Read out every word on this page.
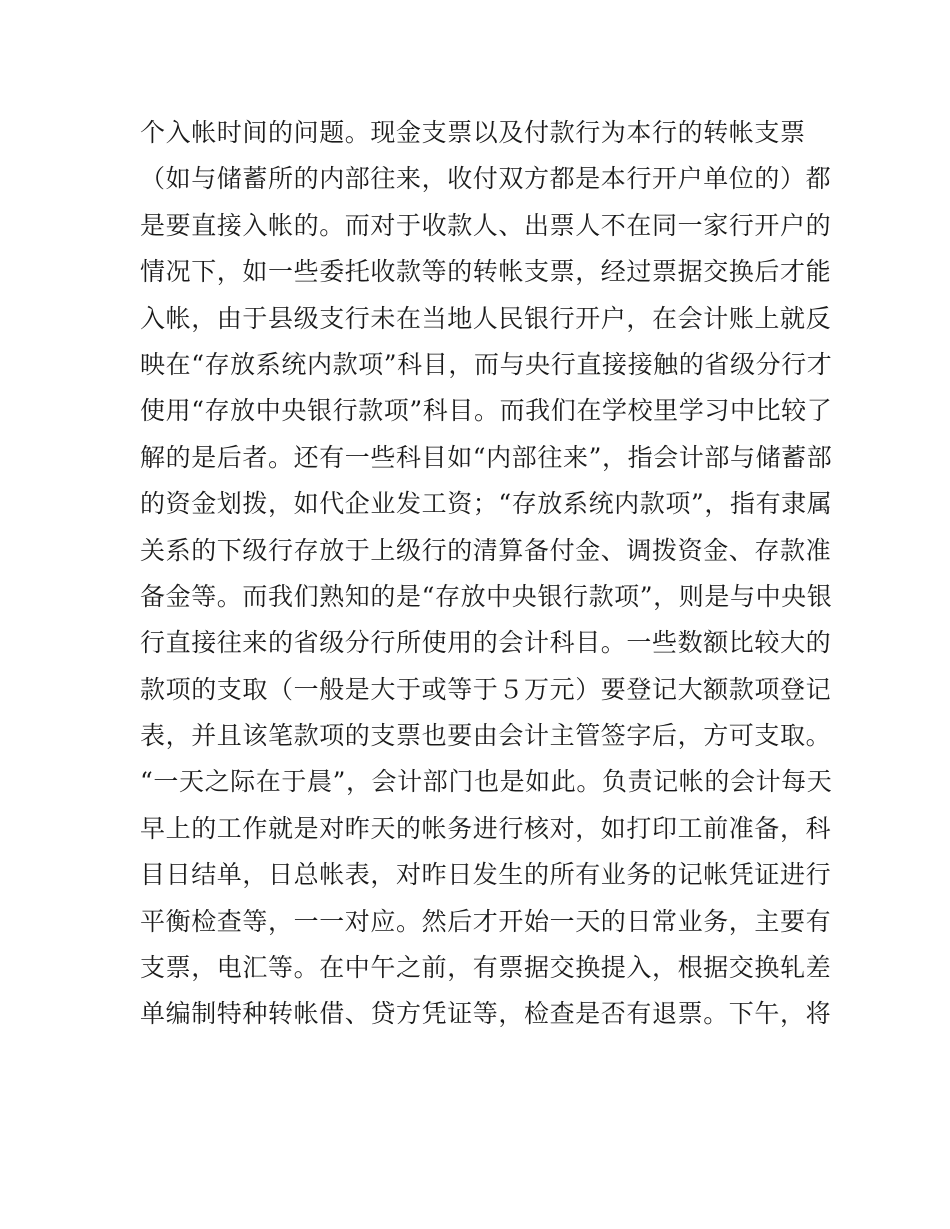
个入帐时间的问题。现金支票以及付款行为本行的转帐支票
（如与储蓄所的内部往来，收付双方都是本行开户单位的）都
是要直接入帐的。而对于收款人、出票人不在同一家行开户的
情况下，如一些委托收款等的转帐支票，经过票据交换后才能
入帐，由于县级支行未在当地人民银行开户，在会计账上就反
映在“存放系统内款项”科目，而与央行直接接触的省级分行才
使用“存放中央银行款项”科目。而我们在学校里学习中比较了
解的是后者。还有一些科目如“内部往来”，指会计部与储蓄部
的资金划拨，如代企业发工资；“存放系统内款项”，指有隶属
关系的下级行存放于上级行的清算备付金、调拨资金、存款准
备金等。而我们熟知的是“存放中央银行款项”，则是与中央银
行直接往来的省级分行所使用的会计科目。一些数额比较大的
款项的支取（一般是大于或等于５万元）要登记大额款项登记
表，并且该笔款项的支票也要由会计主管签字后，方可支取。
“一天之际在于晨”，会计部门也是如此。负责记帐的会计每天
早上的工作就是对昨天的帐务进行核对，如打印工前准备，科
目日结单，日总帐表，对昨日发生的所有业务的记帐凭证进行
平衡检查等，一一对应。然后才开始一天的日常业务，主要有
支票，电汇等。在中午之前，有票据交换提入，根据交换轧差
单编制特种转帐借、贷方凭证等，检查是否有退票。下午，将
